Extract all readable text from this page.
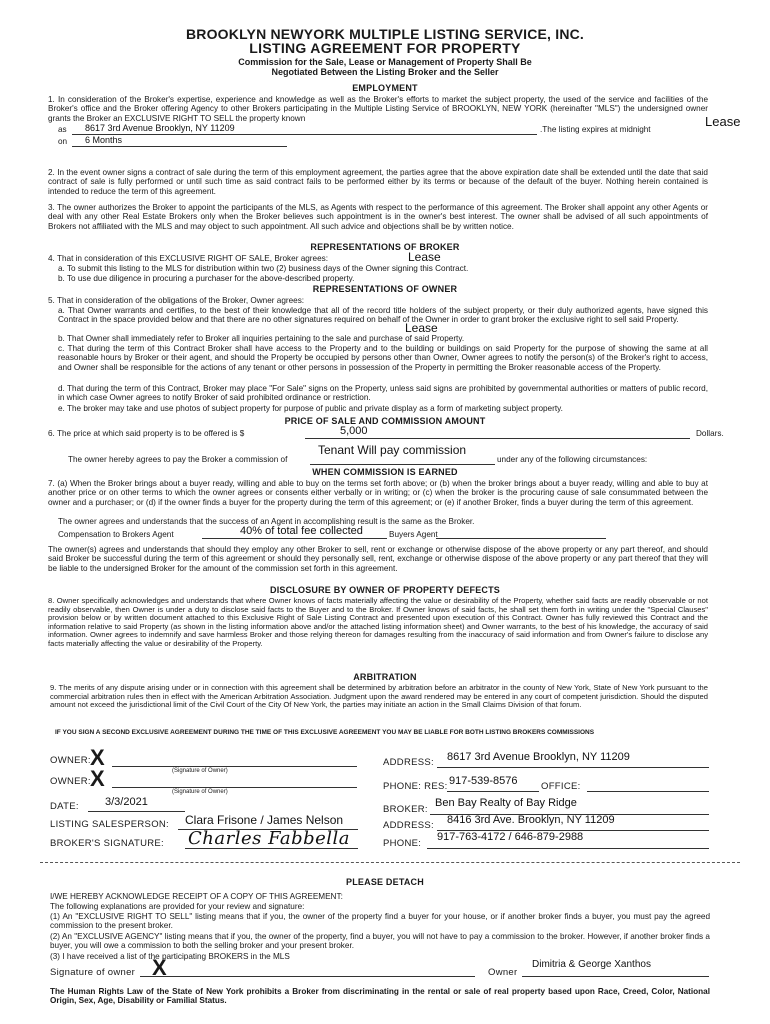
BROOKLYN NEWYORK MULTIPLE LISTING SERVICE, INC.
LISTING AGREEMENT FOR PROPERTY
Commission for the Sale, Lease or Management of Property Shall Be
Negotiated Between the Listing Broker and the Seller
EMPLOYMENT
1. In consideration of the Broker's expertise, experience and knowledge as well as the Broker's efforts to market the subject property, the used of the service and facilities of the Broker's office and the Broker offering Agency to other Brokers participating in the Multiple Listing Service of BROOKLYN, NEW YORK (hereinafter "MLS") the undersigned owner grants the Broker an EXCLUSIVE RIGHT TO SELL the property known	Lease
as 8617 3rd Avenue Brooklyn, NY 11209	.The listing expires at midnight
on 6 Months
2. In the event owner signs a contract of sale during the term of this employment agreement, the parties agree that the above expiration date shall be extended until the date that said contract of sale is fully performed or until such time as said contract fails to be performed either by its terms or because of the default of the buyer. Nothing herein contained is intended to reduce the term of this agreement.
3. The owner authorizes the Broker to appoint the participants of the MLS, as Agents with respect to the performance of this agreement. The Broker shall appoint any other Agents or deal with any other Real Estate Brokers only when the Broker believes such appointment is in the owner's best interest. The owner shall be advised of all such appointments of Brokers not affiliated with the MLS and may object to such appointment. All such advice and objections shall be by written notice.
REPRESENTATIONS OF BROKER
4. That in consideration of this EXCLUSIVE RIGHT OF SALE, Broker agrees:	Lease
a. To submit this listing to the MLS for distribution within two (2) business days of the Owner signing this Contract.
b. To use due diligence in procuring a purchaser for the above-described property.
REPRESENTATIONS OF OWNER
5. That in consideration of the obligations of the Broker, Owner agrees:
a. That Owner warrants and certifies, to the best of their knowledge that all of the record title holders of the subject property, or their duly authorized agents, have signed this Contract in the space provided below and that there are no other signatures required on behalf of the Owner in order to grant broker the exclusive right to sell said Property.
Lease
b. That Owner shall immediately refer to Broker all inquiries pertaining to the sale and purchase of said Property.
c. That during the term of this Contract Broker shall have access to the Property and to the building or buildings on said Property for the purpose of showing the same at all reasonable hours by Broker or their agent, and should the Property be occupied by persons other than Owner, Owner agrees to notify the person(s) of the Broker's right to access, and Owner shall be responsible for the actions of any tenant or other persons in possession of the Property in permitting the Broker reasonable access of the Property.
d. That during the term of this Contract, Broker may place "For Sale" signs on the Property, unless said signs are prohibited by governmental authorities or matters of public record, in which case Owner agrees to notify Broker of said prohibited ordinance or restriction.
e. The broker may take and use photos of subject property for purpose of public and private display as a form of marketing subject property.
PRICE OF SALE AND COMMISSION AMOUNT
6. The price at which said property is to be offered is $	5,000	Dollars.
Tenant Will pay commission
The owner hereby agrees to pay the Broker a commission of	under any of the following circumstances:
WHEN COMMISSION IS EARNED
7. (a) When the Broker brings about a buyer ready, willing and able to buy on the terms set forth above; or (b) when the broker brings about a buyer ready, willing and able to buy at another price or on other terms to which the owner agrees or consents either verbally or in writing; or (c) when the broker is the procuring cause of sale consummated between the owner and a purchaser; or (d) if the owner finds a buyer for the property during the term of this agreement; or (e) if another Broker, finds a buyer during the term of this agreement.
The owner agrees and understands that the success of an Agent in accomplishing result is the same as the Broker.
Compensation to Brokers Agent	40% of total fee collected	Buyers Agent
The owner(s) agrees and understands that should they employ any other Broker to sell, rent or exchange or otherwise dispose of the above property or any part thereof, and should said Broker be successful during the term of this agreement or should they personally sell, rent, exchange or otherwise dispose of the above property or any part thereof that they will be liable to the undersigned Broker for the amount of the commission set forth in this agreement.
DISCLOSURE BY OWNER OF PROPERTY DEFECTS
8. Owner specifically acknowledges and understands that where Owner knows of facts materially affecting the value or desirability of the Property, whether said facts are readily observable or not readily observable, then Owner is under a duty to disclose said facts to the Buyer and to the Broker. If Owner knows of said facts, he shall set them forth in writing under the "Special Clauses" provision below or by written document attached to this Exclusive Right of Sale Listing Contract and presented upon execution of this Contract. Owner has fully reviewed this Contract and the information relative to said Property (as shown in the listing information above and/or the attached listing information sheet) and Owner warrants, to the best of his knowledge, the accuracy of said information. Owner agrees to indemnify and save harmless Broker and those relying thereon for damages resulting from the inaccuracy of said information and from Owner's failure to disclose any facts materially affecting the value or desirability of the Property.
ARBITRATION
9. The merits of any dispute arising under or in connection with this agreement shall be determined by arbitration before an arbitrator in the county of New York, State of New York pursuant to the commercial arbitration rules then in effect with the American Arbitration Association. Judgment upon the award rendered may be entered in any court of competent jurisdiction. Should the disputed amount not exceed the jurisdictional limit of the Civil Court of the City Of New York, the parties may initiate an action in the Small Claims Division of that forum.
IF YOU SIGN A SECOND EXCLUSIVE AGREEMENT DURING THE TIME OF THIS EXCLUSIVE AGREEMENT YOU MAY BE LIABLE FOR BOTH LISTING BROKERS COMMISSIONS
OWNER: X
(Signature of Owner)
OWNER: X
(Signature of Owner)
DATE: 3/3/2021
LISTING SALESPERSON: Clara Frisone / James Nelson
BROKER'S SIGNATURE: Charles Fabbella
ADDRESS: 8617 3rd Avenue Brooklyn, NY 11209
PHONE: RES: 917-539-8576 OFFICE:
BROKER:
Ben Bay Realty of Bay Ridge
ADDRESS: 8416 3rd Ave. Brooklyn, NY 11209
PHONE:
917-763-4172 / 646-879-2988
PLEASE DETACH
I/WE HEREBY ACKNOWLEDGE RECEIPT OF A COPY OF THIS AGREEMENT:
The following explanations are provided for your review and signature:
(1) An "EXCLUSIVE RIGHT TO SELL" listing means that if you, the owner of the property find a buyer for your house, or if another broker finds a buyer, you must pay the agreed commission to the present broker.
(2) An "EXCLUSIVE AGENCY" listing means that if you, the owner of the property, find a buyer, you will not have to pay a commission to the broker. However, if another broker finds a buyer, you will owe a commission to both the selling broker and your present broker.
(3) I have received a list of the participating BROKERS in the MLS
Signature of owner X	Owner
Dimitria & George Xanthos
The Human Rights Law of the State of New York prohibits a Broker from discriminating in the rental or sale of real property based upon Race, Creed, Color, National Origin, Sex, Age, Disability or Familial Status.
